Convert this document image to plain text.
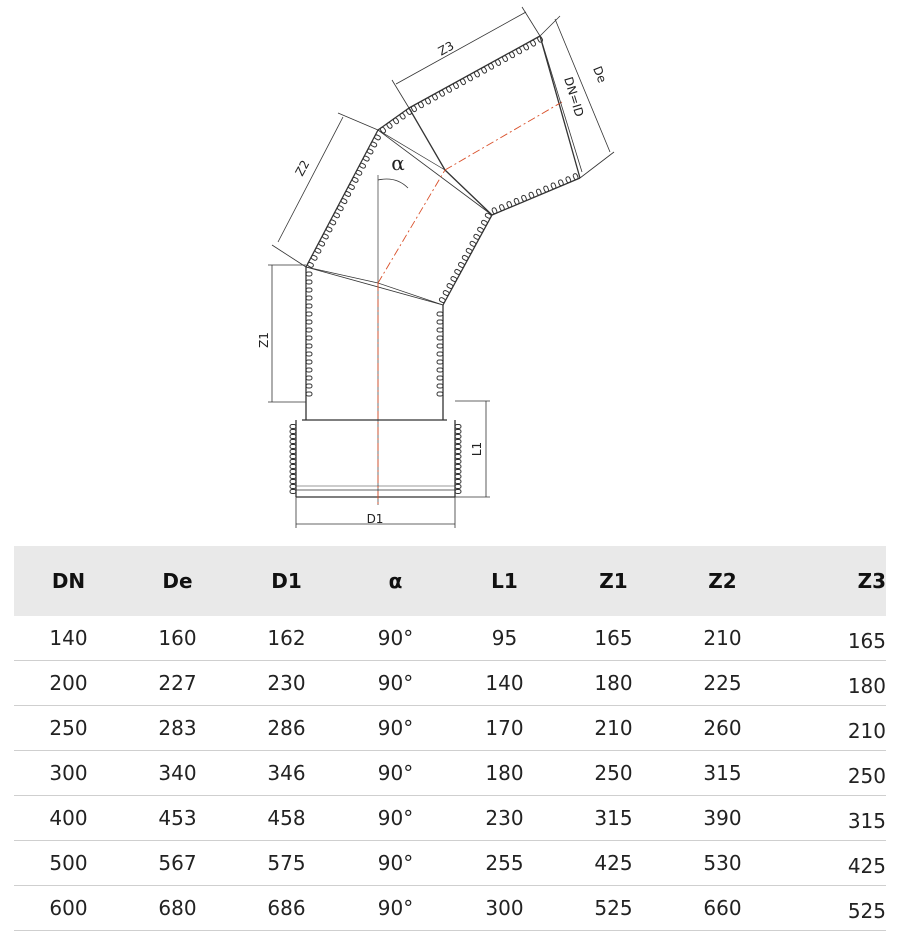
Z1
Z2
Z3
De
DN=ID
L1
D1
α
DN	De	D1	α	L1	Z1	Z2	Z3
140	160	162	90°	95	165	210	165
200	227	230	90°	140	180	225	180
250	283	286	90°	170	210	260	210
300	340	346	90°	180	250	315	250
400	453	458	90°	230	315	390	315
500	567	575	90°	255	425	530	425
600	680	686	90°	300	525	660	525
